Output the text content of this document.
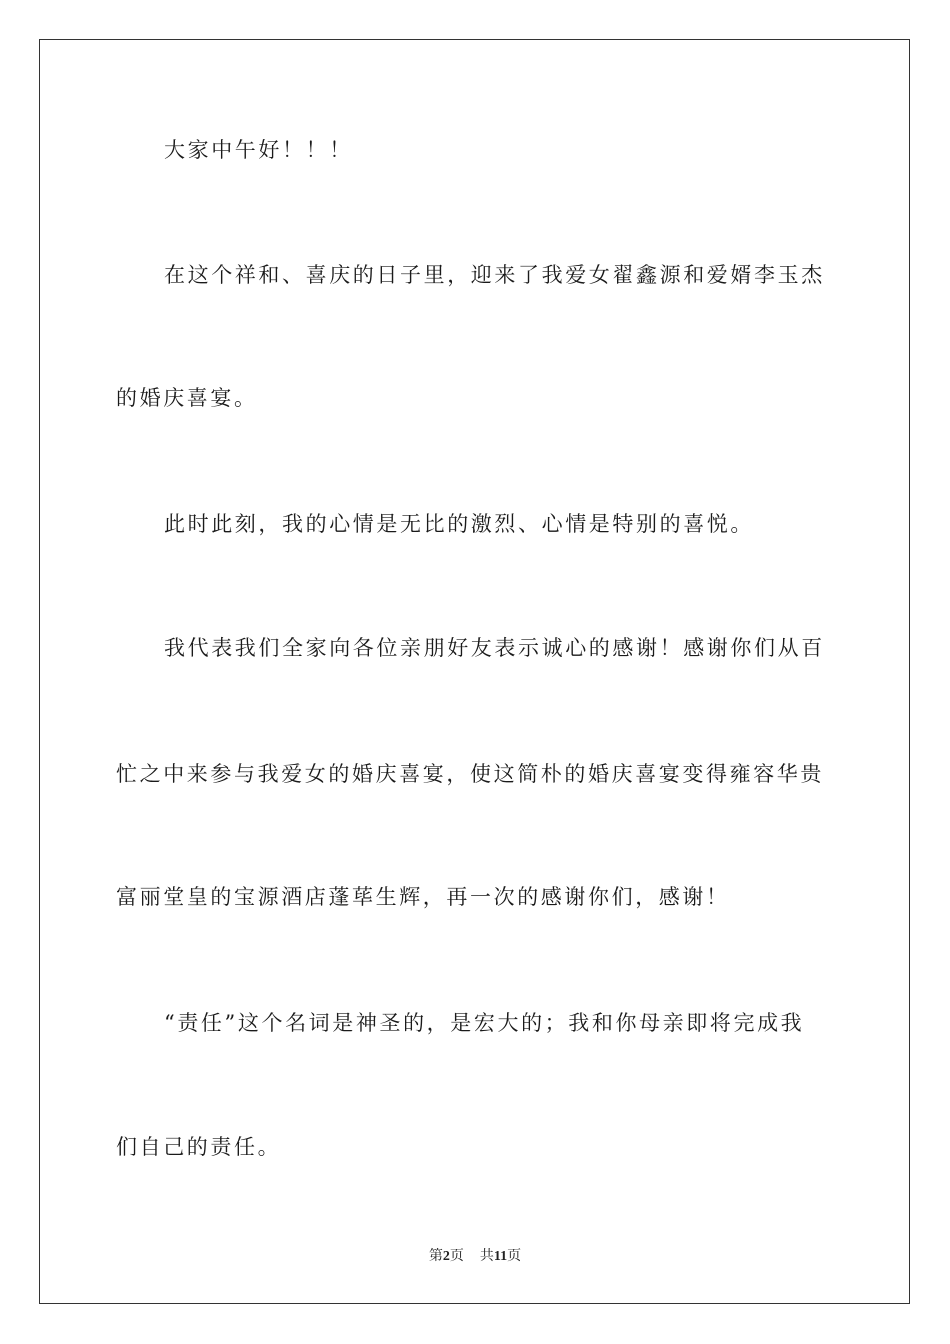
大家中午好！！！
在这个祥和、喜庆的日子里，迎来了我爱女翟鑫源和爱婿李玉杰
的婚庆喜宴。
此时此刻，我的心情是无比的激烈、心情是特别的喜悦。
我代表我们全家向各位亲朋好友表示诚心的感谢！感谢你们从百
忙之中来参与我爱女的婚庆喜宴，使这简朴的婚庆喜宴变得雍容华贵
富丽堂皇的宝源酒店蓬荜生辉，再一次的感谢你们，感谢！
“责任”这个名词是神圣的，是宏大的；我和你母亲即将完成我
们自己的责任。
第2页 共11页
